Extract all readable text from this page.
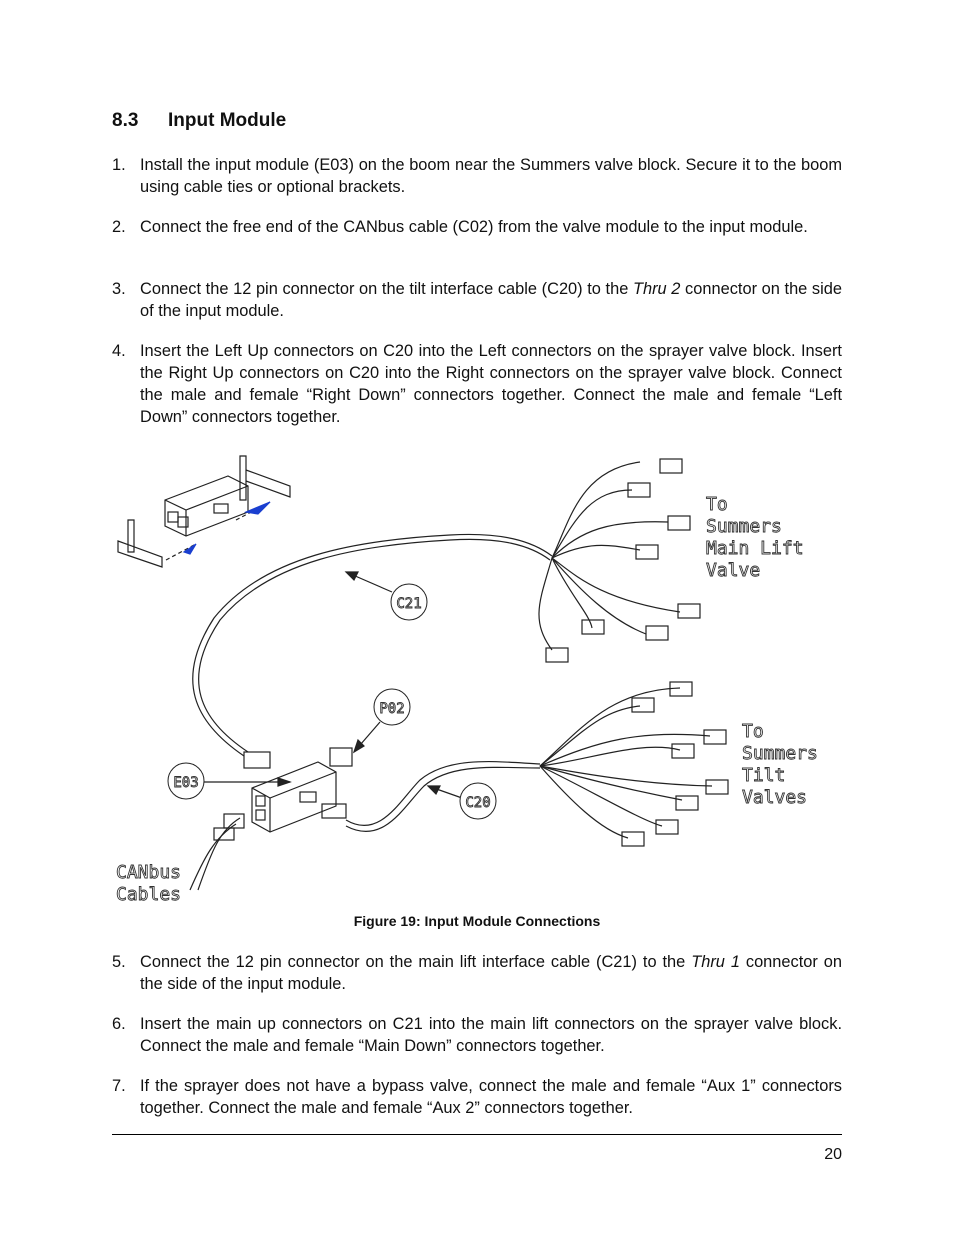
8.3 Input Module
1. Install the input module (E03) on the boom near the Summers valve block. Secure it to the boom using cable ties or optional brackets.
2. Connect the free end of the CANbus cable (C02) from the valve module to the input module.
3. Connect the 12 pin connector on the tilt interface cable (C20) to the Thru 2 connector on the side of the input module.
4. Insert the Left Up connectors on C20 into the Left connectors on the sprayer valve block. Insert the Right Up connectors on C20 into the Right connectors on the sprayer valve block. Connect the male and female “Right Down” connectors together. Connect the male and female “Left Down” connectors together.
C21
P02
E03
C20
To
Summers
Main Lift
Valve
To
Summers
Tilt
Valves
CANbus
Cables
Figure 19: Input Module Connections
5. Connect the 12 pin connector on the main lift interface cable (C21) to the Thru 1 connector on the side of the input module.
6. Insert the main up connectors on C21 into the main lift connectors on the sprayer valve block. Connect the male and female “Main Down” connectors together.
7. If the sprayer does not have a bypass valve, connect the male and female “Aux 1” connectors together. Connect the male and female “Aux 2” connectors together.
20
